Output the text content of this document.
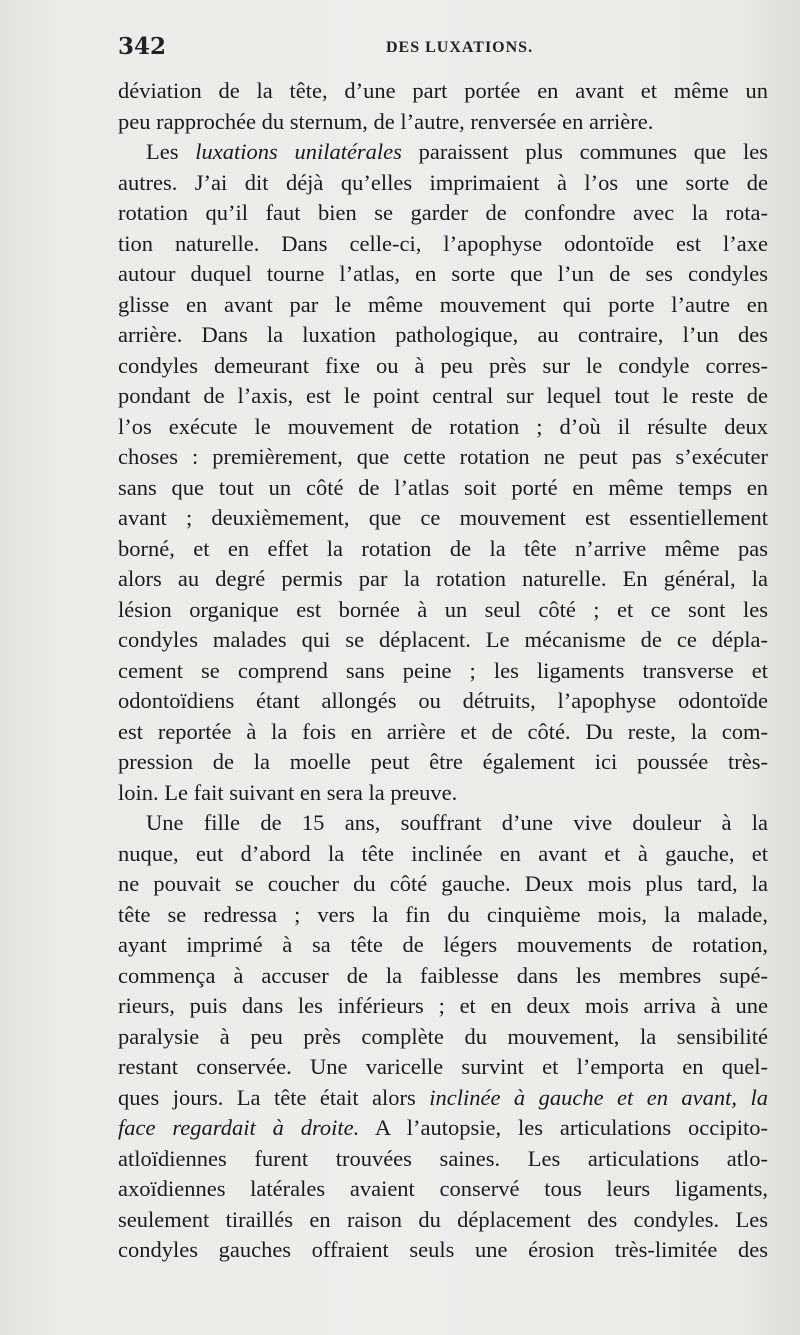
342	DES LUXATIONS.
déviation de la tête, d’une part portée en avant et même un
peu rapprochée du sternum, de l’autre, renversée en arrière.
Les luxations unilatérales paraissent plus communes que les
autres. J’ai dit déjà qu’elles imprimaient à l’os une sorte de
rotation qu’il faut bien se garder de confondre avec la rota-
tion naturelle. Dans celle-ci, l’apophyse odontoïde est l’axe
autour duquel tourne l’atlas, en sorte que l’un de ses condyles
glisse en avant par le même mouvement qui porte l’autre en
arrière. Dans la luxation pathologique, au contraire, l’un des
condyles demeurant fixe ou à peu près sur le condyle corres-
pondant de l’axis, est le point central sur lequel tout le reste de
l’os exécute le mouvement de rotation ; d’où il résulte deux
choses : premièrement, que cette rotation ne peut pas s’exécuter
sans que tout un côté de l’atlas soit porté en même temps en
avant ; deuxièmement, que ce mouvement est essentiellement
borné, et en effet la rotation de la tête n’arrive même pas
alors au degré permis par la rotation naturelle. En général, la
lésion organique est bornée à un seul côté ; et ce sont les
condyles malades qui se déplacent. Le mécanisme de ce dépla-
cement se comprend sans peine ; les ligaments transverse et
odontoïdiens étant allongés ou détruits, l’apophyse odontoïde
est reportée à la fois en arrière et de côté. Du reste, la com-
pression de la moelle peut être également ici poussée très-
loin. Le fait suivant en sera la preuve.
Une fille de 15 ans, souffrant d’une vive douleur à la
nuque, eut d’abord la tête inclinée en avant et à gauche, et
ne pouvait se coucher du côté gauche. Deux mois plus tard, la
tête se redressa ; vers la fin du cinquième mois, la malade,
ayant imprimé à sa tête de légers mouvements de rotation,
commença à accuser de la faiblesse dans les membres supé-
rieurs, puis dans les inférieurs ; et en deux mois arriva à une
paralysie à peu près complète du mouvement, la sensibilité
restant conservée. Une varicelle survint et l’emporta en quel-
ques jours. La tête était alors inclinée à gauche et en avant, la
face regardait à droite. A l’autopsie, les articulations occipito-
atloïdiennes furent trouvées saines. Les articulations atlo-
axoïdiennes latérales avaient conservé tous leurs ligaments,
seulement tiraillés en raison du déplacement des condyles. Les
condyles gauches offraient seuls une érosion très-limitée des
